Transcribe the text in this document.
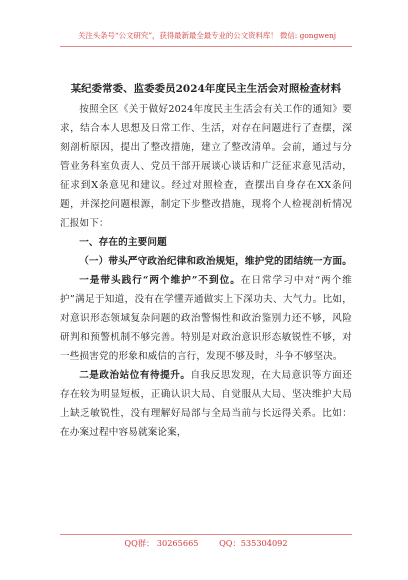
关注头条号“公文研究”，获得最新最全最专业的公文资料库！ 微信: gongwenj
某纪委常委、监委委员2024年度民主生活会对照检查材料

按照全区《关于做好2024年度民主生活会有关工作的通知》要求，结合本人思想及日常工作、生活，对存在问题进行了查摆，深刻剖析原因，提出了整改措施，建立了整改清单。会前，通过与分管业务科室负责人、党员干部开展谈心谈话和广泛征求意见活动，征求到X条意见和建议。经过对照检查，查摆出自身存在XX条问题，并深挖问题根源，制定下步整改措施，现将个人检视剖析情况汇报如下：

一、存在的主要问题

（一）带头严守政治纪律和政治规矩，维护党的团结统一方面。

一是带头践行“两个维护”不到位。在日常学习中对“两个维护”满足于知道，没有在学懂弄通做实上下深功夫、大气力。比如，对意识形态领域复杂问题的政治警惕性和政治鉴别力还不够，风险研判和预警机制不够完善。特别是对政治意识形态敏锐性不够，对一些损害党的形象和威信的言行，发现不够及时，斗争不够坚决。

二是政治站位有待提升。自我反思发现，在大局意识等方面还存在较为明显短板，正确认识大局、自觉服从大局、坚决维护大局上缺乏敏锐性，没有理解好局部与全局当前与长远得关系。比如：在办案过程中容易就案论案，

QQ群： 30265665	QQ：535304092
